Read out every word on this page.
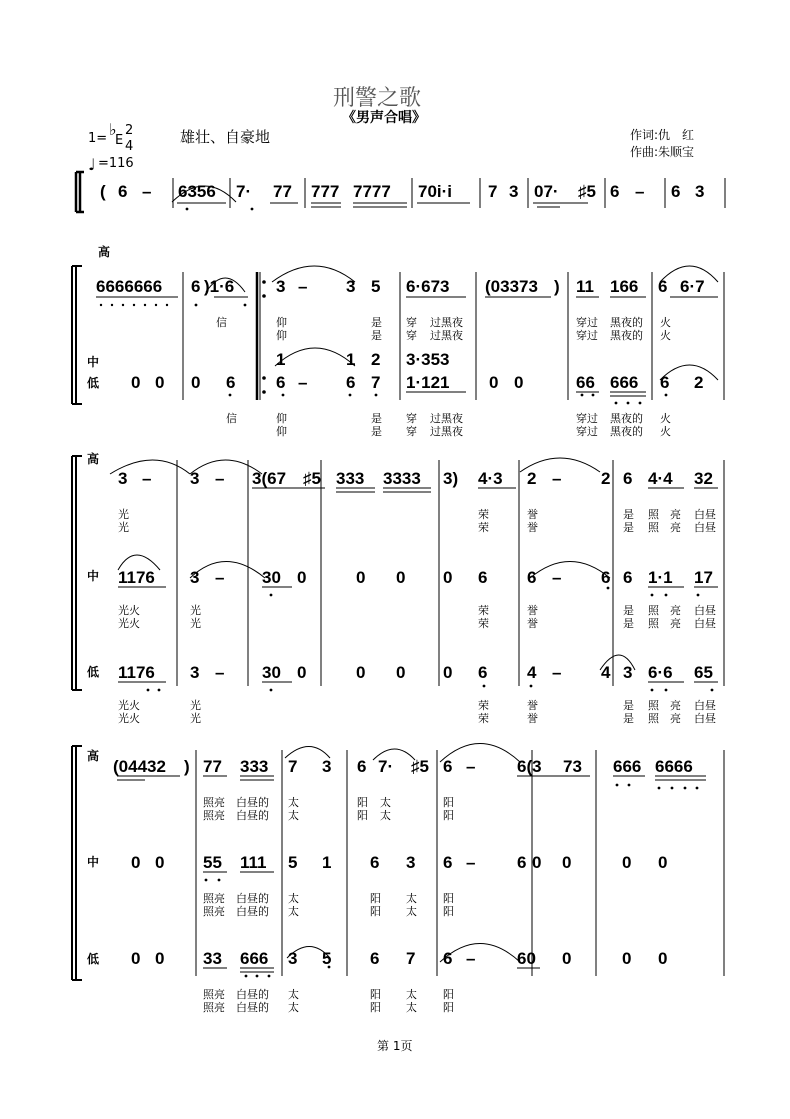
刑警之歌
《男声合唱》
1= ♭
E
2
4
♩ =116
雄壮、自豪地	作词:仇　红
作曲:朱顺宝
高
中
低
高
中
低
高
中
低
第 1页
( 6 – 6356 7· 77 777 7777 70i·i 7 3 07· ♯5 6 – 6 3
6666666 6 )1·6 3 – 3 5 6·673 (03373 ) 11 166 6 6·7
1	1 2 3·353
0 0 0 6 6 – 6 7 1·121 0 0	66 666 6 2
信	仰	是 穿 过黑夜	穿过 黑夜的 火
仰	是 穿 过黑夜	穿过 黑夜的 火
信	仰	是 穿 过黑夜	穿过 黑夜的 火
仰	是 穿 过黑夜	穿过 黑夜的 火
3 – 3 – 3(67 ♯5 333 3333 3) 4·3 2 – 2 6 4·4 32
1176 3 – 30 0	0 0 0 6 6 – 6 6 1·1 17
1176 3 – 30 0	0 0 0 6 4 – 4 3 6·6 65
光	荣	誉	是 照 亮 白昼
光	荣	誉	是 照 亮 白昼
光火	光	荣	誉	是 照 亮 白昼
光火	光	荣	誉	是 照 亮 白昼
光火	光	荣	誉	是 照 亮 白昼
光火	光	荣	誉	是 照 亮 白昼
(04432 ) 77 333 7 3 6 7· ♯5 6 – 6(3 73 666 6666
0 0 55 111 5 1 6 3 6 – 6 0 0	0 0
0 0 33 666 3 5 6 7 6 – 60 0	0 0
照亮 白昼的 太	阳 太	阳
照亮 白昼的 太	阳 太	阳
照亮 白昼的 太	阳 太 阳
照亮 白昼的 太	阳 太 阳
照亮 白昼的 太	阳 太 阳
照亮 白昼的 太	阳 太 阳
